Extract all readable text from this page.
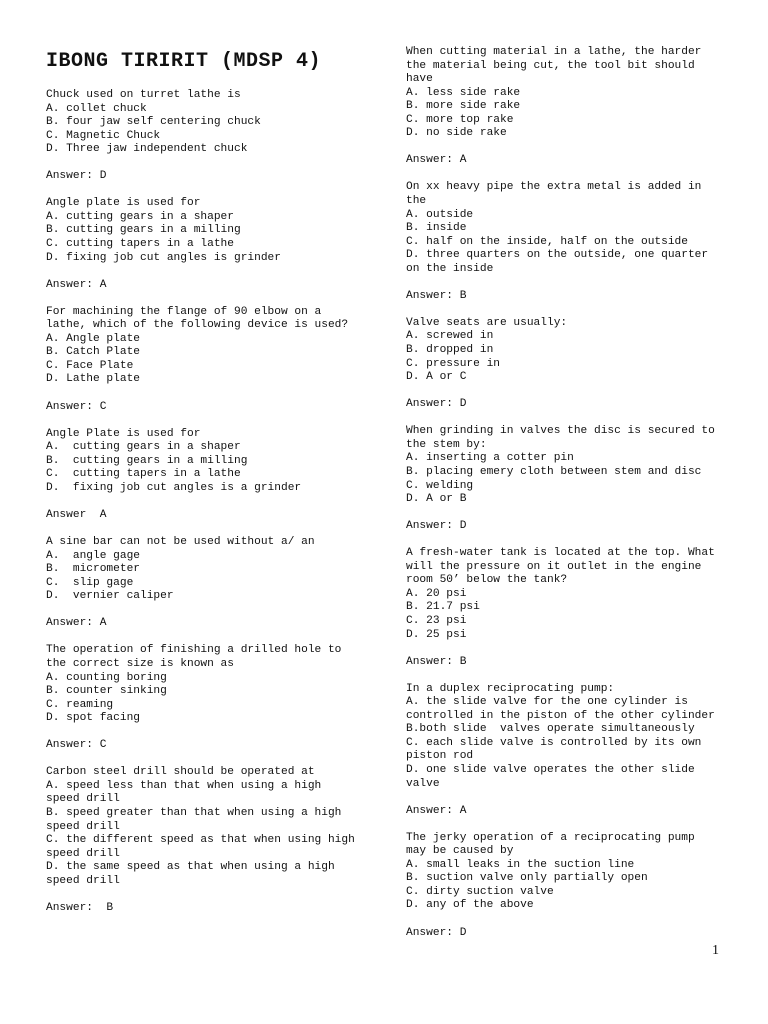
IBONG TIRIRIT (MDSP 4)
Chuck used on turret lathe is
A. collet chuck
B. four jaw self centering chuck
C. Magnetic Chuck
D. Three jaw independent chuck
Answer: D
Angle plate is used for
A. cutting gears in a shaper
B. cutting gears in a milling
C. cutting tapers in a lathe
D. fixing job cut angles is grinder
Answer: A
For machining the flange of 90 elbow on a
lathe, which of the following device is used?
A. Angle plate
B. Catch Plate
C. Face Plate
D. Lathe plate
Answer: C
Angle Plate is used for
A.  cutting gears in a shaper
B.  cutting gears in a milling
C.  cutting tapers in a lathe
D.  fixing job cut angles is a grinder
Answer  A
A sine bar can not be used without a/ an
A.  angle gage
B.  micrometer
C.  slip gage
D.  vernier caliper
Answer: A
The operation of finishing a drilled hole to
the correct size is known as
A. counting boring
B. counter sinking
C. reaming
D. spot facing
Answer: C
Carbon steel drill should be operated at
A. speed less than that when using a high
speed drill
B. speed greater than that when using a high
speed drill
C. the different speed as that when using high
speed drill
D. the same speed as that when using a high
speed drill
Answer:  B
When cutting material in a lathe, the harder
the material being cut, the tool bit should
have
A. less side rake
B. more side rake
C. more top rake
D. no side rake
Answer: A
On xx heavy pipe the extra metal is added in
the
A. outside
B. inside
C. half on the inside, half on the outside
D. three quarters on the outside, one quarter
on the inside
Answer: B
Valve seats are usually:
A. screwed in
B. dropped in
C. pressure in
D. A or C
Answer: D
When grinding in valves the disc is secured to
the stem by:
A. inserting a cotter pin
B. placing emery cloth between stem and disc
C. welding
D. A or B
Answer: D
A fresh-water tank is located at the top. What
will the pressure on it outlet in the engine
room 50’ below the tank?
A. 20 psi
B. 21.7 psi
C. 23 psi
D. 25 psi
Answer: B
In a duplex reciprocating pump:
A. the slide valve for the one cylinder is
controlled in the piston of the other cylinder
B.both slide  valves operate simultaneously
C. each slide valve is controlled by its own
piston rod
D. one slide valve operates the other slide
valve
Answer: A
The jerky operation of a reciprocating pump
may be caused by
A. small leaks in the suction line
B. suction valve only partially open
C. dirty suction valve
D. any of the above
Answer: D
1
